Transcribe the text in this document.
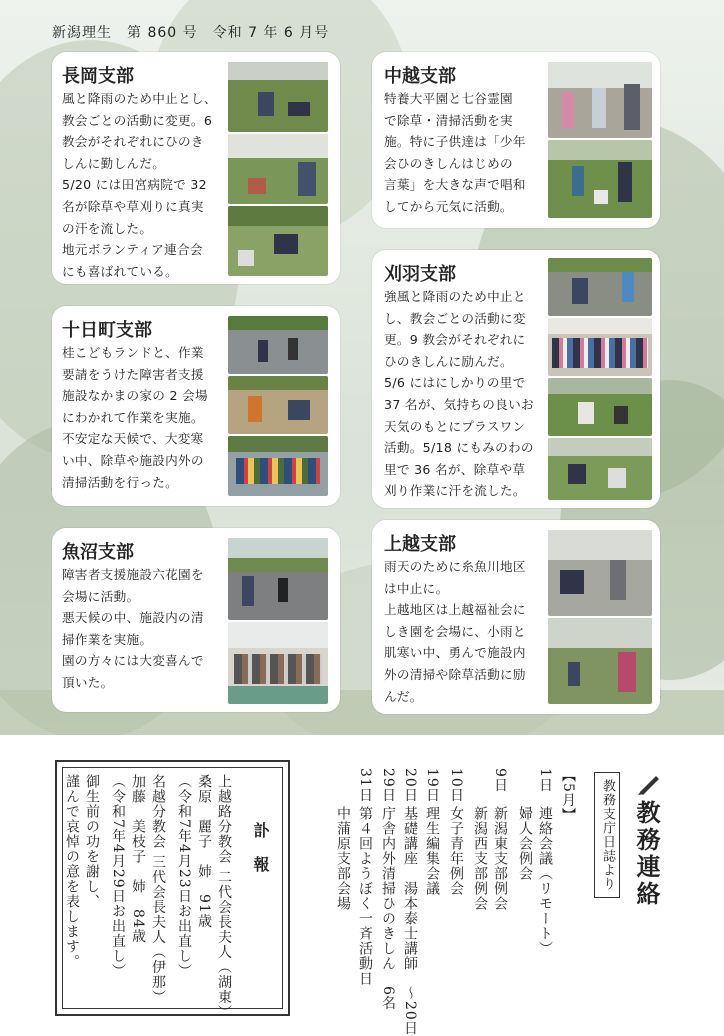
新潟理生　第 860 号　令和 7 年 6 月号
長岡支部

風と降雨のため中止とし、
教会ごとの活動に変更。6
教会がそれぞれにひのき
しんに勤しんだ。
5/20 には田宮病院で 32
名が除草や草刈りに真実
の汗を流した。
地元ボランティア連合会
にも喜ばれている。

十日町支部

桂こどもランドと、作業
要請をうけた障害者支援
施設なかまの家の 2 会場
にわかれて作業を実施。
不安定な天候で、大変寒
い中、除草や施設内外の
清掃活動を行った。

魚沼支部

障害者支援施設六花園を
会場に活動。
悪天候の中、施設内の清
掃作業を実施。
園の方々には大変喜んで
頂いた。

中越支部

特養大平園と七谷霊園
で除草・清掃活動を実
施。特に子供達は「少年
会ひのきしんはじめの
言葉」を大きな声で唱和
してから元気に活動。

刈羽支部

強風と降雨のため中止と
し、教会ごとの活動に変
更。9 教会がそれぞれに
ひのきしんに励んだ。
5/6 にはにしかりの里で
37 名が、気持ちの良いお
天気のもとにプラスワン
活動。5/18 にもみのわの
里で 36 名が、除草や草
刈り作業に汗を流した。

上越支部

雨天のために糸魚川地区
は中止に。
上越地区は上越福祉会に
しき園を会場に、小雨と
肌寒い中、勇んで施設内
外の清掃や除草活動に励
んだ。

訃　報
上越路分教会 二代会長夫人（湖東）
桑原　麗子　姉　91歳
（令和7年4月23日お出直し）
名越分教会 三代会長夫人（伊那）
加藤　美枝子　姉　84歳
（令和7年4月29日お出直し）
御生前の功を謝し、
謹んで哀悼の意を表します。	教務連絡
教務支庁日誌より
【5月】
1日
連絡会議（リモート）
婦人会例会
9日
新潟東支部例会
新潟西支部例会
10日
女子青年例会
19日
理生編集会議
20日
基礎講座　湯本泰士講師　〜20日
29日
庁舎内外清掃ひのきしん　6名
31日
第４回ようぼく一斉活動日
中蒲原支部会場
